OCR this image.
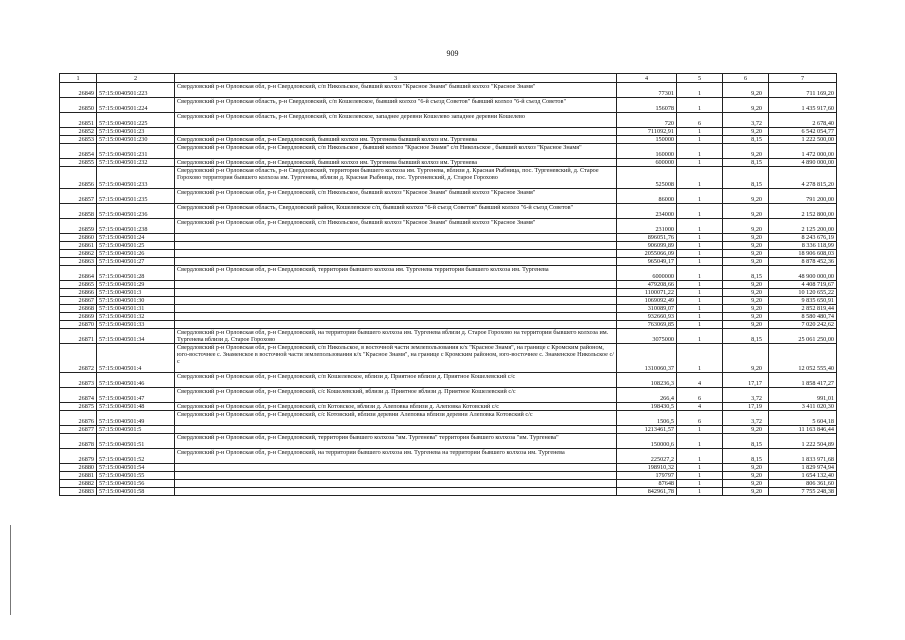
909
1	2	3	4	5	6	7
26849	57:15:0040501:223	Свердловский р-н Орловская обл, р-н Свердловский, с/п Никольское, бывший колхоз "Красное Знамя" бывший колхоз "Красное Знамя"	77301	1	9,20	711 169,20
26850	57:15:0040501:224	Свердловский р-н Орловская область, р-н Свердловский, с/п Кошелевское, бывший колхоз "6-й съезд Советов" бывший колхоз "6-й съезд Советов"	156078	1	9,20	1 435 917,60
26851	57:15:0040501:225	Свердловский р-н Орловская область, р-н Свердловский, с/п Кошелевское, западнее деревни Кошелево западнее деревни Кошелево	720	6	3,72	2 678,40
26852	57:15:0040501:23		711092,91	1	9,20	6 542 054,77
26853	57:15:0040501:230	Свердловский р-н Орловская обл, р-н Свердловский, бывший колхоз им. Тургенева бывший колхоз им. Тургенева	150000	1	8,15	1 222 500,00
26854	57:15:0040501:231	Свердловский р-н Орловская обл, р-н Свердловский, с/п Никольское , бывший колхоз "Красное Знамя" с/п Никольское , бывший колхоз "Красное Знамя"	160000	1	9,20	1 472 000,00
26855	57:15:0040501:232	Свердловский р-н Орловская обл, р-н Свердловский, бывший колхоз им. Тургенева бывший колхоз им. Тургенева	600000	1	8,15	4 890 000,00
26856	57:15:0040501:233	Свердловский р-н Орловская область, р-н Свердловский, территория бывшего колхоза им. Тургенева, вблизи д. Красная Рыбница, пос. Тургеневский, д. Старое Горохово территория бывшего колхоза им. Тургенева, вблизи д. Красная Рыбница, пос. Тургеневский, д. Старое Горохово	525008	1	8,15	4 278 815,20
26857	57:15:0040501:235	Свердловский р-н Орловская обл, р-н Свердловский, с/п Никольское, бывший колхоз "Красное Знамя" бывший колхоз "Красное Знамя"	86000	1	9,20	791 200,00
26858	57:15:0040501:236	Свердловский р-н Орловская область, Свердловский район, Кошелевское с/п, бывший колхоз "6-й съезд Советов" бывший колхоз "6-й съезд Советов"	234000	1	9,20	2 152 800,00
26859	57:15:0040501:238	Свердловский р-н Орловская обл, р-н Свердловский, с/п Никольское, бывший колхоз "Красное Знамя" бывший колхоз "Красное Знамя"	231000	1	9,20	2 125 200,00
26860	57:15:0040501:24		896051,76	1	9,20	8 243 676,19
26861	57:15:0040501:25		906099,89	1	9,20	8 336 118,99
26862	57:15:0040501:26		2055066,09	1	9,20	18 906 608,03
26863	57:15:0040501:27		965049,17	1	9,20	8 878 452,36
26864	57:15:0040501:28	Свердловский р-н Орловская обл, р-н Свердловский, территория бывшего колхоза им. Тургенева территория бывшего колхоза им. Тургенева	6000000	1	8,15	48 900 000,00
26865	57:15:0040501:29		479208,66	1	9,20	4 408 719,67
26866	57:15:0040501:3		1100071,22	1	9,20	10 120 655,22
26867	57:15:0040501:30		1069092,49	1	9,20	9 835 650,91
26868	57:15:0040501:31		310089,07	1	9,20	2 852 819,44
26869	57:15:0040501:32		932660,93	1	9,20	8 580 480,74
26870	57:15:0040501:33		763069,85	1	9,20	7 020 242,62
26871	57:15:0040501:34	Свердловский р-н Орловская обл, р-н Свердловский, на территории бывшего колхоза им. Тургенева вблизи д. Старое Горохово на территории бывшего колхоза им. Тургенева вблизи д. Старое Горохово	3075000	1	8,15	25 061 250,00
26872	57:15:0040501:4	Свердловский р-н Орловская обл, р-н Свердловский, с/п Никольское, в восточной части землепользования к/х "Красное Знамя", на границе с Кромским районом, юго-восточнее с. Знаменское в восточной части землепользования к/х "Красное Знамя", на границе с Кромским районом, юго-восточнее с. Знаменское Никольское с/с	1310060,37	1	9,20	12 052 555,40
26873	57:15:0040501:46	Свердловский р-н Орловская обл, р-н Свердловский, с/п Кошелевское, вблизи д. Приятное вблизи д. Приятное Кошелевский с/с	108236,3	4	17,17	1 858 417,27
26874	57:15:0040501:47	Свердловский р-н Орловская обл, р-н Свердловский, с/с Кошелевский, вблизи д. Приятное вблизи д. Приятное Кошелевский с/с	266,4	6	3,72	991,01
26875	57:15:0040501:48	Свердловский р-н Орловская обл, р-н Свердловский, с/п Котовское, вблизи д. Алеповка вблизи д. Алеповка Котовский с/с	198430,5	4	17,19	3 411 020,30
26876	57:15:0040501:49	Свердловский р-н Орловская обл, р-н Свердловский, с/с Котовский, вблизи деревни Алеповка вблизи деревни Алеповка Котовский с/с	1506,5	6	3,72	5 604,18
26877	57:15:0040501:5		1213461,57	1	9,20	11 163 846,44
26878	57:15:0040501:51	Свердловский р-н Орловская обл, р-н Свердловский, территория бывшего колхоза "им. Тургенева" территория бывшего колхоза "им. Тургенева"	150000,6	1	8,15	1 222 504,89
26879	57:15:0040501:52	Свердловский р-н Орловская обл, р-н Свердловский, на территории бывшего колхоза им. Тургенева на территории бывшего колхоза им. Тургенева	225027,2	1	8,15	1 833 971,68
26880	57:15:0040501:54		198910,32	1	9,20	1 829 974,94
26881	57:15:0040501:55		179797	1	9,20	1 654 132,40
26882	57:15:0040501:56		87648	1	9,20	806 361,60
26883	57:15:0040501:58		842961,78	1	9,20	7 755 248,38
